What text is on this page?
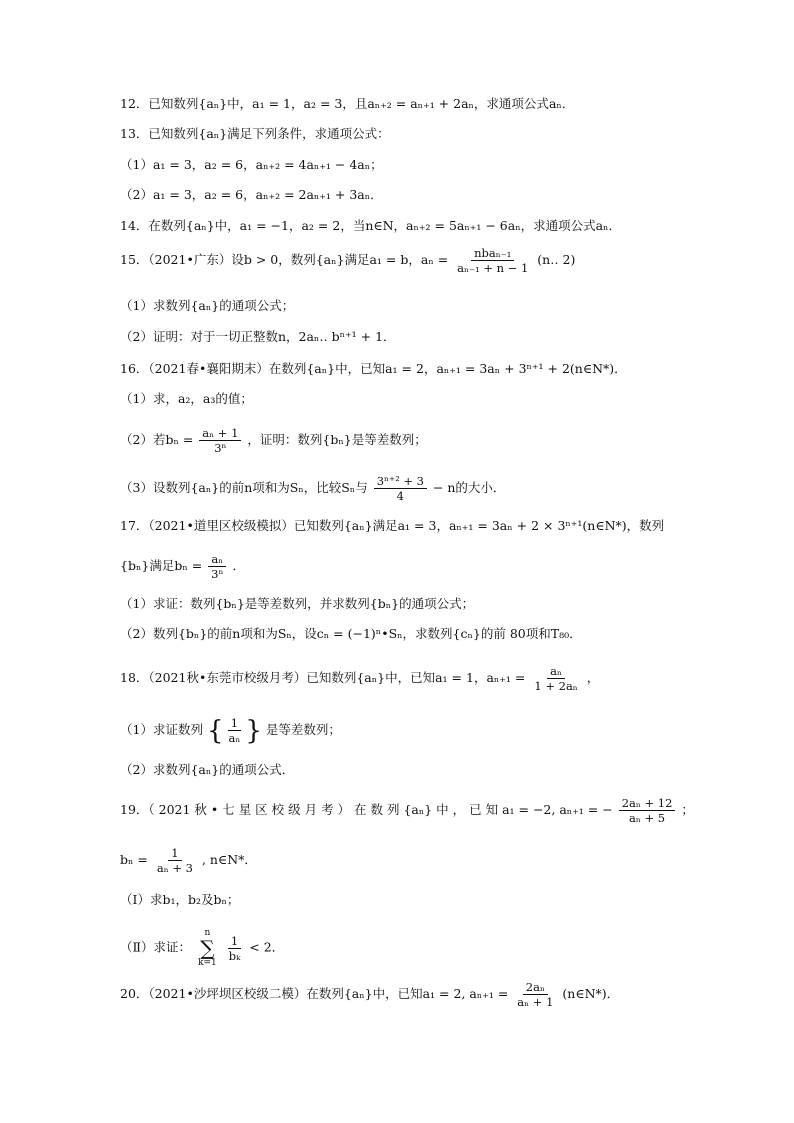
12．已知数列{aₙ}中，a₁ = 1，a₂ = 3，且aₙ₊₂ = aₙ₊₁ + 2aₙ，求通项公式aₙ．
13．已知数列{aₙ}满足下列条件，求通项公式：
（1）a₁ = 3，a₂ = 6，aₙ₊₂ = 4aₙ₊₁ − 4aₙ；
（2）a₁ = 3，a₂ = 6，aₙ₊₂ = 2aₙ₊₁ + 3aₙ．
14．在数列{aₙ}中，a₁ = −1，a₂ = 2，当n∈N，aₙ₊₂ = 5aₙ₊₁ − 6aₙ，求通项公式aₙ．
15．（2021•广东）设b > 0，数列{aₙ}满足a₁ = b，$a_n = \frac{\text{nbaₙ₋₁}}{\text{aₙ₋₁ + n − 1}}$ (n‥ 2)
（1）求数列{aₙ}的通项公式；
（2）证明：对于一切正整数n，2aₙ‥ bⁿ⁺¹ + 1．
16．（2021春•襄阳期末）在数列{aₙ}中，已知a₁ = 2，aₙ₊₁ = 3aₙ + 3ⁿ⁺¹ + 2(n∈N*)．
（1）求，a₂，a₃的值；
（2）若$b_n = \frac{\text{aₙ + 1}}{\text{3ⁿ}}$ ，证明：数列{bₙ}是等差数列；
（3）设数列{aₙ}的前n项和为Sₙ，比较Sₙ与 $\frac{\text{3ⁿ⁺² + 3}}{4} - n$的大小．
17．（2021•道里区校级模拟）已知数列{aₙ}满足a₁ = 3，aₙ₊₁ = 3aₙ + 2 × 3ⁿ⁺¹(n∈N*)，数列
{bₙ}满足$b_n = \frac{\text{aₙ}}{\text{3ⁿ}}$ ．
（1）求证：数列{bₙ}是等差数列，并求数列{bₙ}的通项公式；
（2）数列{bₙ}的前n项和为Sₙ，设cₙ = (−1)ⁿ•Sₙ，求数列{cₙ}的前 80项和T₈₀．
18．（2021秋•东莞市校级月考）已知数列{aₙ}中，已知a₁ = 1，$a_{n+1} = \frac{\text{aₙ}}{\text{1 + 2aₙ}}$ ，
（1）求证数列 { $\frac{1}{\text{aₙ}}$ } 是等差数列；
（2）求数列{aₙ}的通项公式．
19．（ 2021 秋 • 七 星 区 校 级 月 考 ） 在 数 列 {aₙ} 中 ， 已 知 a₁ = −2, aₙ₊₁ = − $\frac{\text{2aₙ + 12}}{\text{aₙ + 5}}$ ；
$b_n = \frac{1}{\text{aₙ + 3}}$ , n∈N*．
（Ⅰ）求b₁，b₂及bₙ；
（Ⅱ）求证：
n
∑
k=1

$\frac{1}{\text{bₖ}} < 2$．
20．（2021•沙坪坝区校级二模）在数列{aₙ}中，已知a₁ = 2, $a_{n+1} = \frac{\text{2aₙ}}{\text{aₙ + 1}}$ (n∈N*)．
